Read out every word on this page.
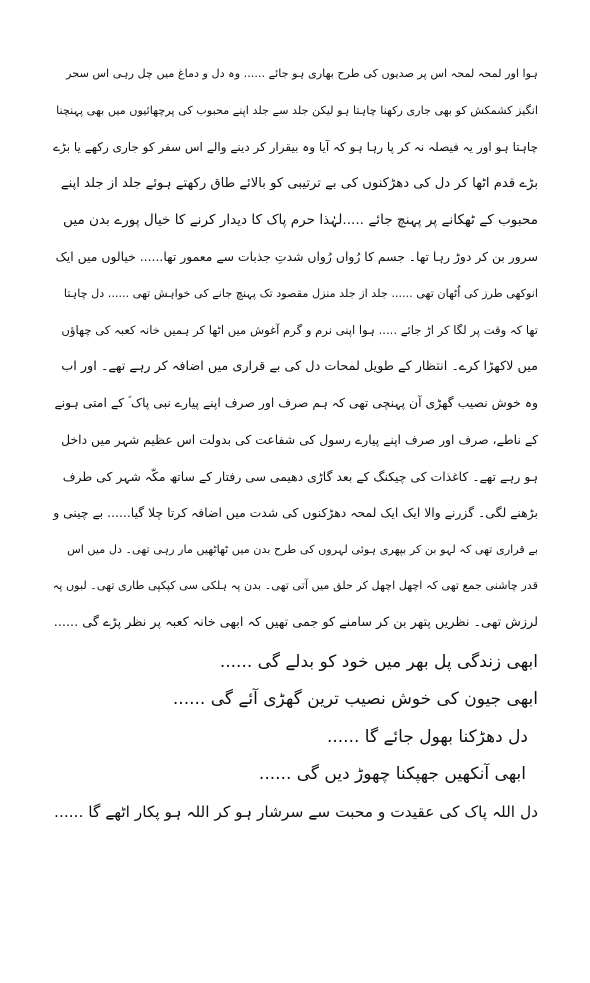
ہوا اور لمحہ لمحہ اس پر صدیوں کی طرح بھاری ہو جائے ...... وہ دل و دماغ میں چل رہی اس سحر

انگیز کشمکش کو بھی جاری رکھنا چاہتا ہو لیکن جلد سے جلد اپنے محبوب کی پرچھائیوں میں بھی پہنچنا

چاہتا ہو اور یہ فیصلہ نہ کر پا رہا ہو کہ آیا وہ بیقرار کر دینے والے اس سفر کو جاری رکھے یا بڑے

بڑے قدم اٹھا کر دل کی دھڑکنوں کی بے ترتیبی کو بالائے طاق رکھتے ہوئے جلد از جلد اپنے

محبوب کے ٹھکانے پر پہنچ جائے .....لہٰذا حرم پاک کا دیدار کرنے کا خیال پورے بدن میں

سرور بن کر دوڑ رہا تھا۔ جسم کا رُواں رُواں شدتِ جذبات سے معمور تھا...... خیالوں میں ایک

انوکھی طرز کی اُٹھان تھی ...... جلد از جلد منزل مقصود تک پہنچ جانے کی خواہش تھی ...... دل چاہتا

تھا کہ وقت پر لگا کر اڑ جائے ..... ہوا اپنی نرم و گرم آغوش میں اٹھا کر ہمیں خانہ کعبہ کی چھاؤں

میں لاکھڑا کرے۔ انتظار کے طویل لمحات دل کی بے قراری میں اضافہ کر رہے تھے۔ اور اب

وہ خوش نصیب گھڑی آن پہنچی تھی کہ ہم صرف اور صرف اپنے پیارے نبی پاک ؐ کے امتی ہونے

کے ناطے، صرف اور صرف اپنے پیارے رسول کی شفاعت کی بدولت اس عظیم شہر میں داخل

ہو رہے تھے۔ کاغذات کی چیکنگ کے بعد گاڑی دھیمی سی رفتار کے ساتھ مکّہ شہر کی طرف

بڑھنے لگی۔ گزرنے والا ایک ایک لمحہ دھڑکنوں کی شدت میں اضافہ کرتا چلا گیا...... بے چینی و

بے قراری تھی کہ لہو بن کر بپھری ہوئی لہروں کی طرح بدن میں ٹھاٹھیں مار رہی تھی۔ دل میں اس

قدر چاشنی جمع تھی کہ اچھل اچھل کر حلق میں آتی تھی۔ بدن پہ ہلکی سی کپکپی طاری تھی۔ لبوں پہ

لرزش تھی۔ نظریں پتھر بن کر سامنے کو جمی تھیں کہ ابھی خانہ کعبہ پر نظر پڑے گی ......

ابھی زندگی پل بھر میں خود کو بدلے گی ......

ابھی جیون کی خوش نصیب ترین گھڑی آئے گی ......

دل دھڑکنا بھول جائے گا ......

ابھی آنکھیں جھپکنا چھوڑ دیں گی ......

دل اللہ پاک کی عقیدت و محبت سے سرشار ہو کر اللہ ہو پکار اٹھے گا ......
